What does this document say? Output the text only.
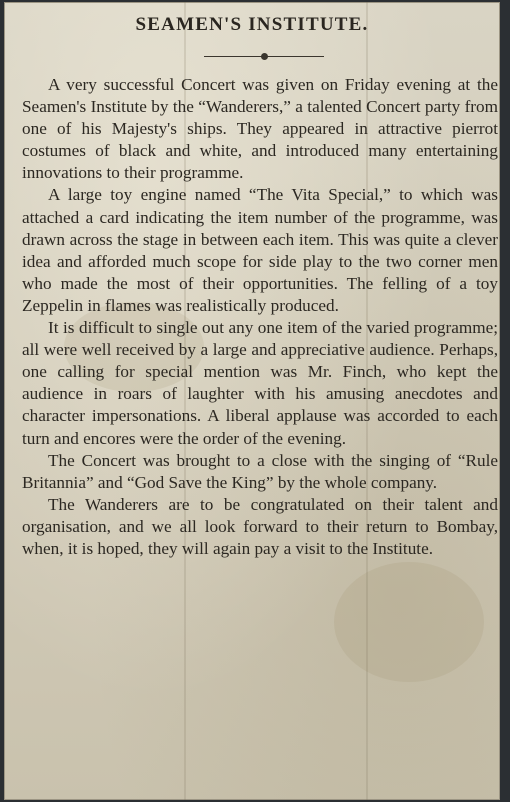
SEAMEN'S INSTITUTE.

A very successful Concert was given on Friday evening at the Seamen's Institute by the “Wanderers,” a talented Concert party from one of his Majesty's ships. They appeared in attractive pierrot costumes of black and white, and introduced many entertaining innovations to their programme.

A large toy engine named “The Vita Special,” to which was attached a card indicating the item number of the programme, was drawn across the stage in between each item. This was quite a clever idea and afforded much scope for side play to the two corner men who made the most of their opportunities. The felling of a toy Zeppelin in flames was realistically produced.

It is difficult to single out any one item of the varied programme; all were well received by a large and appreciative audience. Perhaps, one calling for special mention was Mr. Finch, who kept the audience in roars of laughter with his amusing anecdotes and character impersonations. A liberal applause was accorded to each turn and encores were the order of the evening.

The Concert was brought to a close with the singing of “Rule Britannia” and “God Save the King” by the whole company.

The Wanderers are to be congratulated on their talent and organisation, and we all look forward to their return to Bombay, when, it is hoped, they will again pay a visit to the Institute.
